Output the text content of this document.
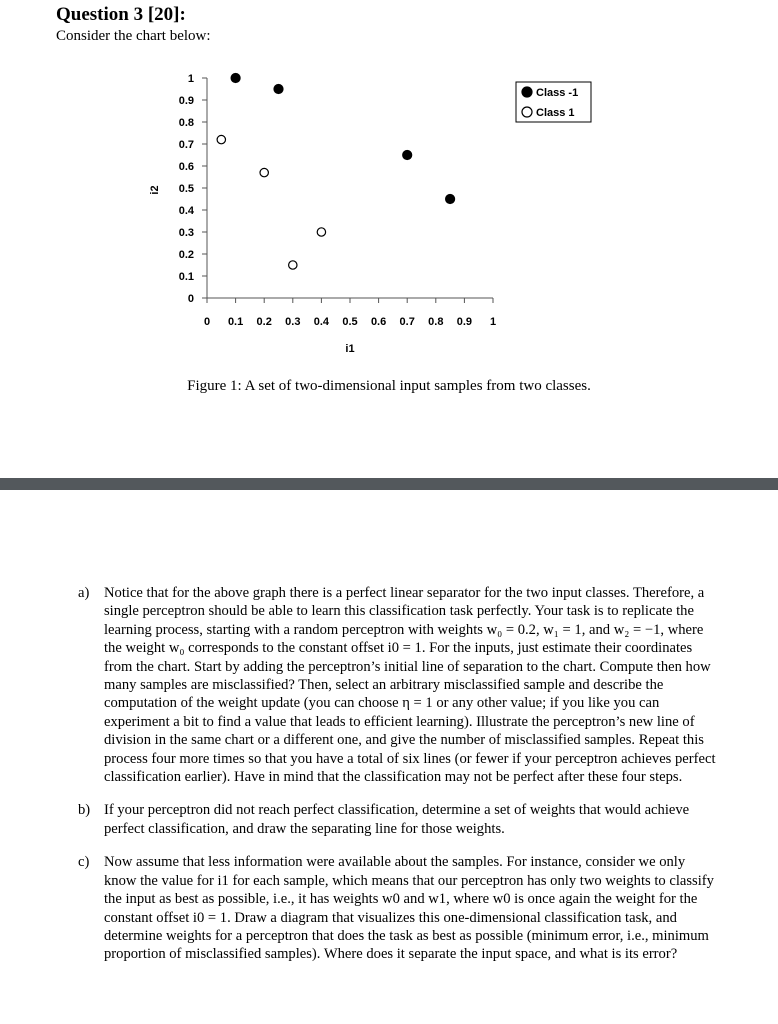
Question 3 [20]:
Consider the chart below:
0
0.1
0.2
0.3
0.4
0.5
0.6
0.7
0.8
0.9
1
0 0.1 0.2 0.3 0.4 0.5 0.6 0.7 0.8 0.9 1
i2
i1
Class -1
Class 1
Figure 1: A set of two-dimensional input samples from two classes.
a) Notice that for the above graph there is a perfect linear separator for the two input classes. Therefore, a single perceptron should be able to learn this classification task perfectly. Your task is to replicate the learning process, starting with a random perceptron with weights w₀ = 0.2, w₁ = 1, and w₂ = −1, where the weight w₀ corresponds to the constant offset i0 = 1. For the inputs, just estimate their coordinates from the chart. Start by adding the perceptron’s initial line of separation to the chart. Compute then how many samples are misclassified? Then, select an arbitrary misclassified sample and describe the computation of the weight update (you can choose η = 1 or any other value; if you like you can experiment a bit to find a value that leads to efficient learning). Illustrate the perceptron’s new line of division in the same chart or a different one, and give the number of misclassified samples. Repeat this process four more times so that you have a total of six lines (or fewer if your perceptron achieves perfect classification earlier). Have in mind that the classification may not be perfect after these four steps.
b) If your perceptron did not reach perfect classification, determine a set of weights that would achieve perfect classification, and draw the separating line for those weights.
c) Now assume that less information were available about the samples. For instance, consider we only know the value for i1 for each sample, which means that our perceptron has only two weights to classify the input as best as possible, i.e., it has weights w0 and w1, where w0 is once again the weight for the constant offset i0 = 1. Draw a diagram that visualizes this one-dimensional classification task, and determine weights for a perceptron that does the task as best as possible (minimum error, i.e., minimum proportion of misclassified samples). Where does it separate the input space, and what is its error?
